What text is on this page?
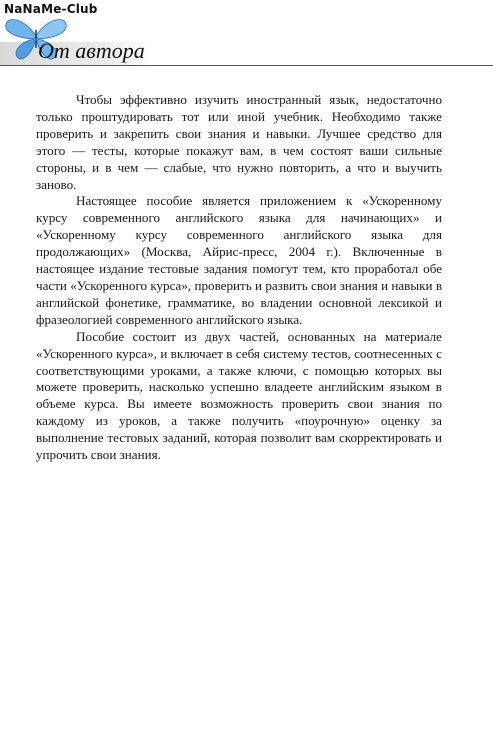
NaNaMe-Club
От автора

Чтобы эффективно изучить иностранный язык, недостаточно только проштудировать тот или иной учебник. Необходимо также проверить и закрепить свои знания и навыки. Лучшее средство для этого — тесты, которые покажут вам, в чем состоят ваши сильные стороны, и в чем — слабые, что нужно повторить, а что и выучить заново.

Настоящее пособие является приложением к «Ускоренному курсу современного английского языка для начинающих» и «Ускоренному курсу современного английского языка для продолжающих» (Москва, Айрис-пресс, 2004 г.). Включенные в настоящее издание тестовые задания помогут тем, кто проработал обе части «Ускоренного курса», проверить и развить свои знания и навыки в английской фонетике, грамматике, во владении основной лексикой и фразеологией современного английского языка.

Пособие состоит из двух частей, основанных на материале «Ускоренного курса», и включает в себя систему тестов, соотнесенных с соответствующими уроками, а также ключи, с помощью которых вы можете проверить, насколько успешно владеете английским языком в объеме курса. Вы имеете возможность проверить свои знания по каждому из уроков, а также получить «поурочную» оценку за выполнение тестовых заданий, которая позволит вам скорректировать и упрочить свои знания.
